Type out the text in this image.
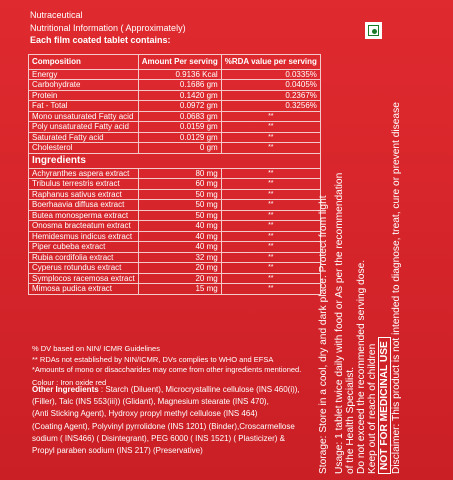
Nutraceutical
Nutritional Information ( Approximately)
Each film coated tablet contains:
Composition	Amount Per serving	%RDA value per serving
Energy	0.9136 Kcal	0.0335%
Carbohydrate	0.1686 gm	0.0405%
Protein	0.1420 gm	0.2367%
Fat - Total	0.0972 gm	0.3256%
Mono unsaturated Fatty acid	0.0683 gm	**
Poly unsaturated Fatty acid	0.0159 gm	**
Saturated Fatty acid	0.0129 gm	**
Cholesterol	0 gm	**
Ingredients		
Achyranthes aspera extract	80 mg	**
Tribulus terrestris extract	60 mg	**
Raphanus sativus extract	50 mg	**
Boerhaavia diffusa extract	50 mg	**
Butea monosperma extract	50 mg	**
Onosma bracteatum extract	40 mg	**
Hemidesmus indicus extract	40 mg	**
Piper cubeba extract	40 mg	**
Rubia cordifolia extract	32 mg	**
Cyperus rotundus extract	20 mg	**
Symplocos racemosa extract	20 mg	**
Mimosa pudica extract	15 mg	**
% DV based on NIN/ ICMR Guidelines
** RDAs not established by NIN/ICMR, DVs complies to WHO and EFSA
*Amounts of mono or disaccharides may come from other ingredients mentioned.
Colour : Iron oxide red
Other Ingredients : Starch (Diluent), Microcrystalline cellulose (INS 460(i)),
(Filler), Talc (INS 553(iii)) (Glidant), Magnesium stearate (INS 470),
(Anti Sticking Agent), Hydroxy propyl methyl cellulose (INS 464)
(Coating Agent), Polyvinyl pyrrolidone (INS 1201) (Binder),Croscarmellose
sodium ( INS466) ( Disintegrant), PEG 6000 ( INS 1521) ( Plasticizer) &
Propyl paraben sodium (INS 217) (Preservative)	Storage: Store in a cool, dry and dark place. Protect from light Usage: 1 tablet twice daily with food or As per the recommendation of the Health Specialist. Do not exceed the recommended serving dose. Keep out of reach of children NOT FOR MEDICINAL USE Disclaimer: This product is not intended to diagnose, treat, cure or prevent disease
